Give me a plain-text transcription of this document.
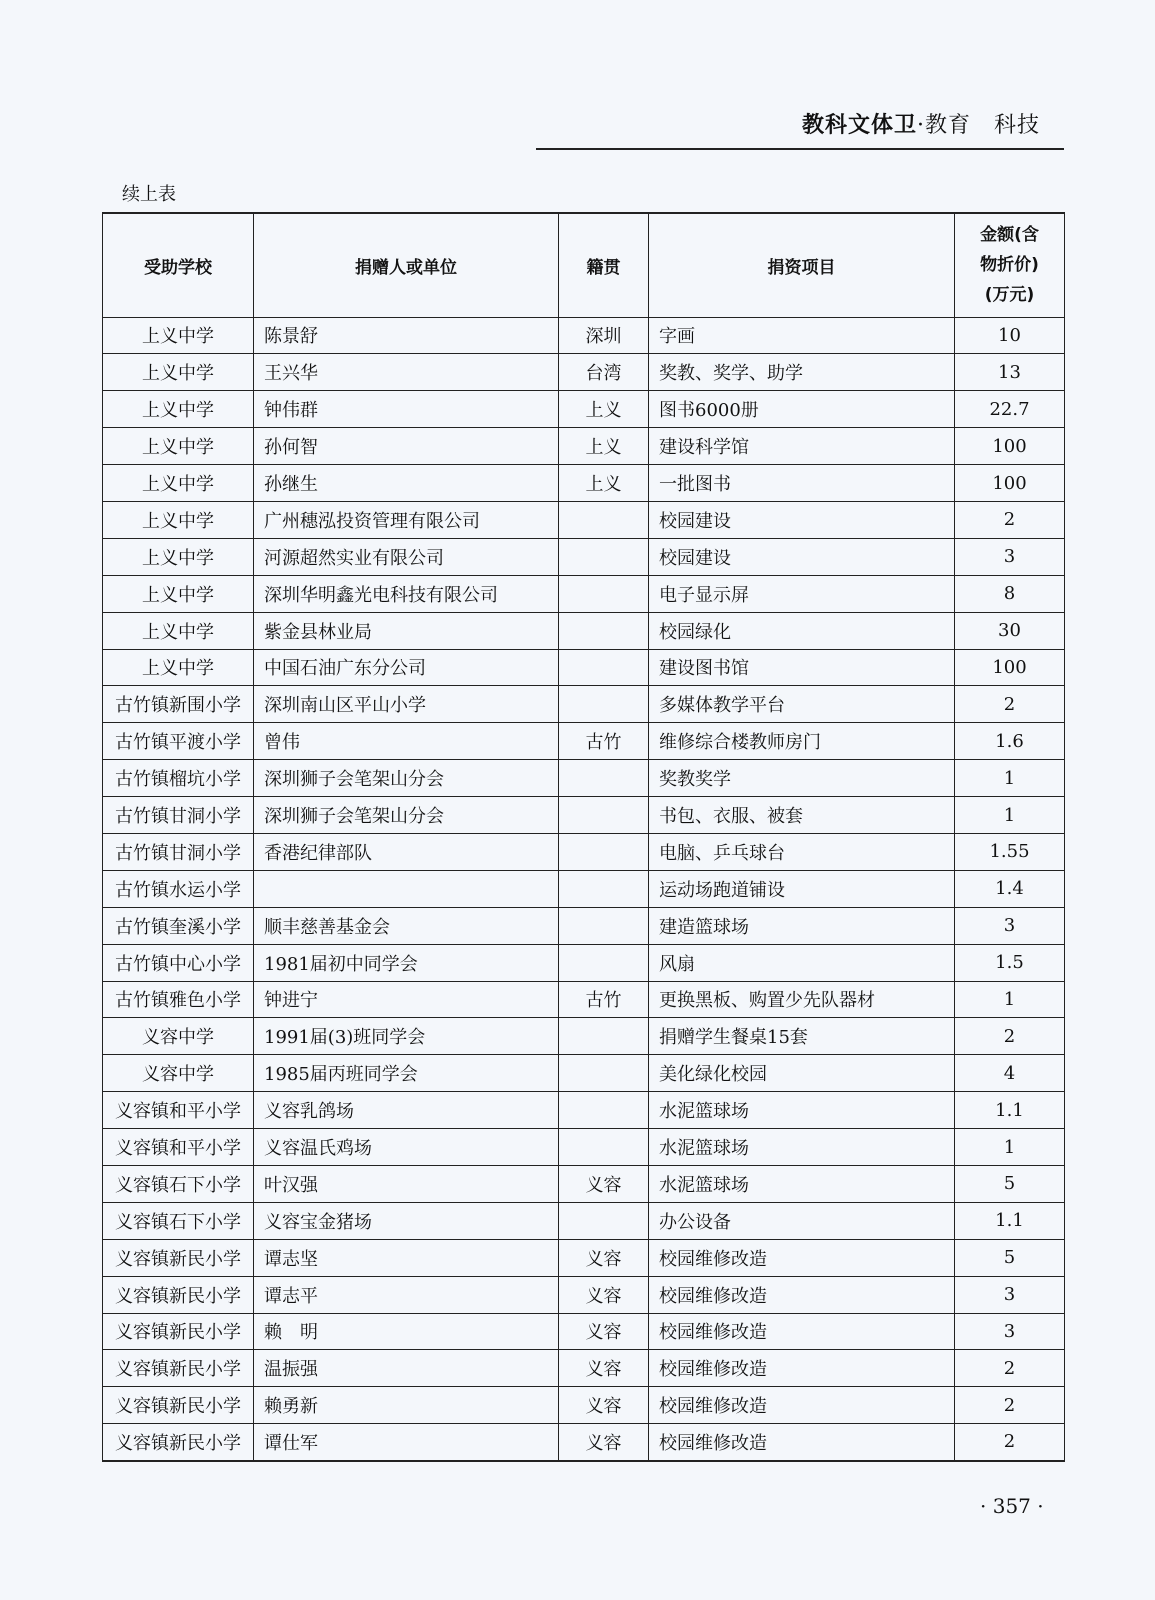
教科文体卫·教育　科技
续上表
受助学校	捐赠人或单位	籍贯	捐资项目	金额(含
物折价)
(万元)

上义中学	陈景舒	深圳	字画	10
上义中学	王兴华	台湾	奖教、奖学、助学	13
上义中学	钟伟群	上义	图书6000册	22.7
上义中学	孙何智	上义	建设科学馆	100
上义中学	孙继生	上义	一批图书	100
上义中学	广州穗泓投资管理有限公司		校园建设	2
上义中学	河源超然实业有限公司		校园建设	3
上义中学	深圳华明鑫光电科技有限公司		电子显示屏	8
上义中学	紫金县林业局		校园绿化	30
上义中学	中国石油广东分公司		建设图书馆	100
古竹镇新围小学	深圳南山区平山小学		多媒体教学平台	2
古竹镇平渡小学	曾伟	古竹	维修综合楼教师房门	1.6
古竹镇榴坑小学	深圳狮子会笔架山分会		奖教奖学	1
古竹镇甘洞小学	深圳狮子会笔架山分会		书包、衣服、被套	1
古竹镇甘洞小学	香港纪律部队		电脑、乒乓球台	1.55
古竹镇水运小学			运动场跑道铺设	1.4
古竹镇奎溪小学	顺丰慈善基金会		建造篮球场	3
古竹镇中心小学	1981届初中同学会		风扇	1.5
古竹镇雅色小学	钟进宁	古竹	更换黑板、购置少先队器材	1
义容中学	1991届(3)班同学会		捐赠学生餐桌15套	2
义容中学	1985届丙班同学会		美化绿化校园	4
义容镇和平小学	义容乳鸽场		水泥篮球场	1.1
义容镇和平小学	义容温氏鸡场		水泥篮球场	1
义容镇石下小学	叶汉强	义容	水泥篮球场	5
义容镇石下小学	义容宝金猪场		办公设备	1.1
义容镇新民小学	谭志坚	义容	校园维修改造	5
义容镇新民小学	谭志平	义容	校园维修改造	3
义容镇新民小学	赖　明	义容	校园维修改造	3
义容镇新民小学	温振强	义容	校园维修改造	2
义容镇新民小学	赖勇新	义容	校园维修改造	2
义容镇新民小学	谭仕军	义容	校园维修改造	2
· 357 ·
